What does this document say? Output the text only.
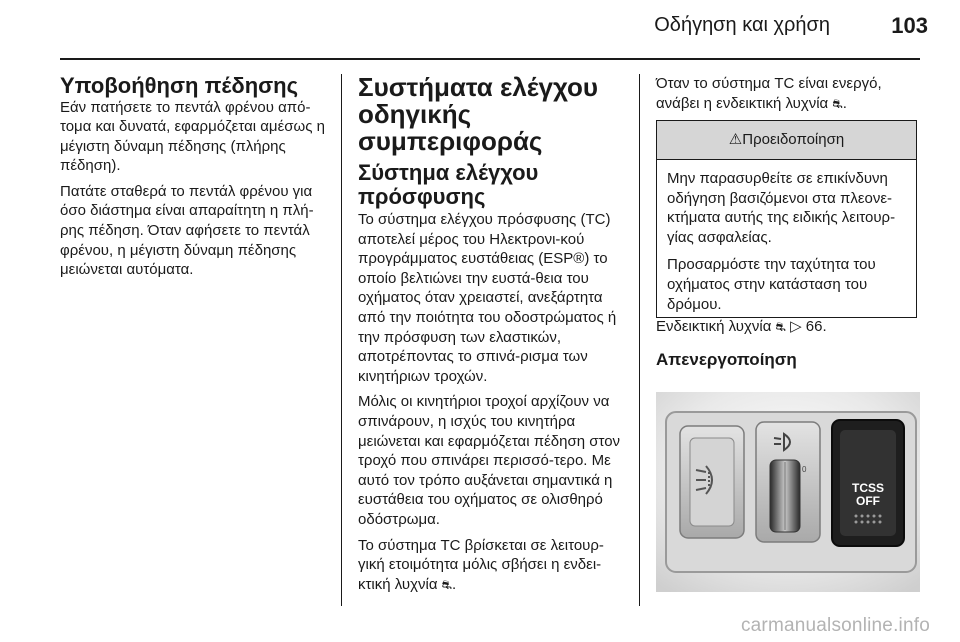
Οδήγηση και χρήση	103
Υποβοήθηση πέδησης

Εάν πατήσετε το πεντάλ φρένου από-τομα και δυνατά, εφαρμόζεται αμέσως η μέγιστη δύναμη πέδησης (πλήρης πέδηση).

Πατάτε σταθερά το πεντάλ φρένου για όσο διάστημα είναι απαραίτητη η πλή-ρης πέδηση. Όταν αφήσετε το πεντάλ φρένου, η μέγιστη δύναμη πέδησης μειώνεται αυτόματα.

Συστήματα ελέγχου οδηγικής συμπεριφοράς
Σύστημα ελέγχου πρόσφυσης

Το σύστημα ελέγχου πρόσφυσης (TC) αποτελεί μέρος του Ηλεκτρονι-κού προγράμματος ευστάθειας (ESP®) το οποίο βελτιώνει την ευστά-θεια του οχήματος όταν χρειαστεί, ανεξάρτητα από την ποιότητα του οδοστρώματος ή την πρόσφυση των ελαστικών, αποτρέποντας το σπινά-ρισμα των κινητήριων τροχών.

Μόλις οι κινητήριοι τροχοί αρχίζουν να σπινάρουν, η ισχύς του κινητήρα μειώνεται και εφαρμόζεται πέδηση στον τροχό που σπινάρει περισσό-τερο. Με αυτό τον τρόπο αυξάνεται σημαντικά η ευστάθεια του οχήματος σε ολισθηρό οδόστρωμα.

Το σύστημα TC βρίσκεται σε λειτουρ-γική ετοιμότητα μόλις σβήσει η ενδει-κτική λυχνία ⛐.

Όταν το σύστημα TC είναι ενεργό, ανάβει η ενδεικτική λυχνία ⛐.

⚠Προειδοποίηση

Μην παρασυρθείτε σε επικίνδυνη οδήγηση βασιζόμενοι στα πλεονε-κτήματα αυτής της ειδικής λειτουρ-γίας ασφαλείας.

Προσαρμόστε την ταχύτητα του οχήματος στην κατάσταση του δρόμου.

Ενδεικτική λυχνία ⛐ ▷ 66.
Απενεργοποίηση
0
TCSS
OFF
carmanualsonline.info
